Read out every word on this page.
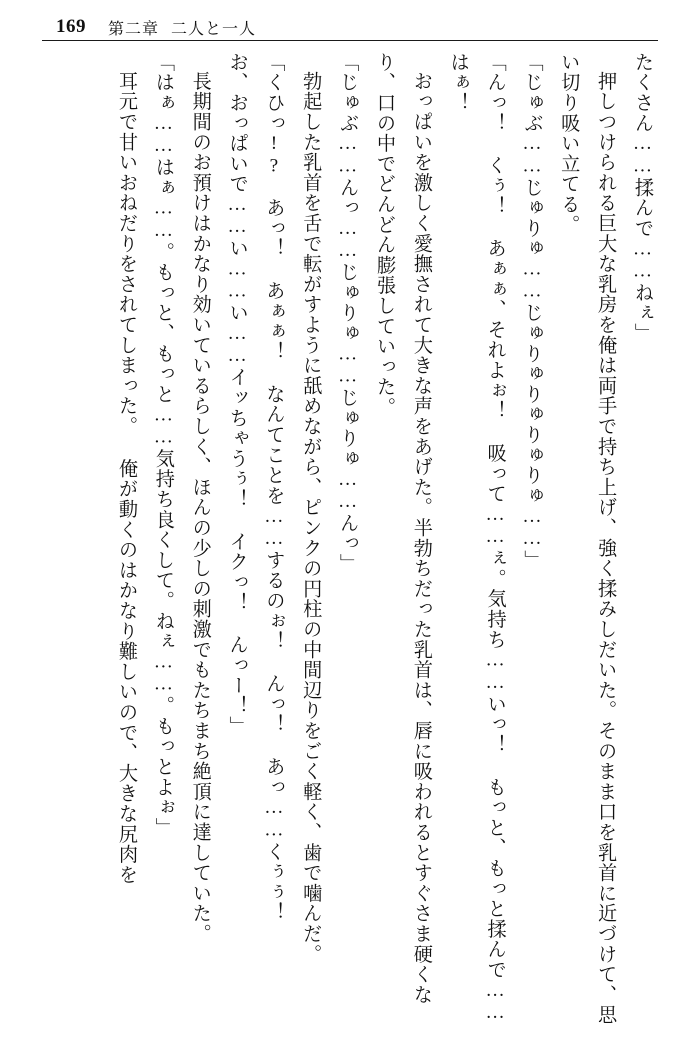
169 第二章 二人と一人

たくさん……揉んで……ねぇ」

押しつけられる巨大な乳房を俺は両手で持ち上げ、強く揉みしだいた。そのまま口を乳首に近づけて、思い切り吸い立てる。

「じゅぶ……じゅりゅ……じゅりゅりゅりゅりゅ……」

「んっ！ くぅ！ あぁぁ、それよぉ！ 吸って……ぇ。気持ち……いっ！ もっと、もっと揉んで……はぁ！

おっぱいを激しく愛撫されて大きな声をあげた。半勃ちだった乳首は、唇に吸われるとすぐさま硬くなり、口の中でどんどん膨張していった。

「じゅぶ……んっ……じゅりゅ……じゅりゅ……んっ」

勃起した乳首を舌で転がすように舐めながら、ピンクの円柱の中間辺りをごく軽く、歯で噛んだ。

「くひっ!?　あっ！ あぁぁ！ なんてことを……するのぉ！ んっ！ あっ……くぅぅ！

お、おっぱいで……い……い……イッちゃうぅ！ イクっ！ んっー！」

長期間のお預けはかなり効いているらしく、ほんの少しの刺激でもたちまち絶頂に達していた。

「はぁ……はぁ……。もっと、もっと……気持ち良くして。ねぇ……。もっとよぉ」

耳元で甘いおねだりをされてしまった。 俺が動くのはかなり難しいので、大きな尻肉を
